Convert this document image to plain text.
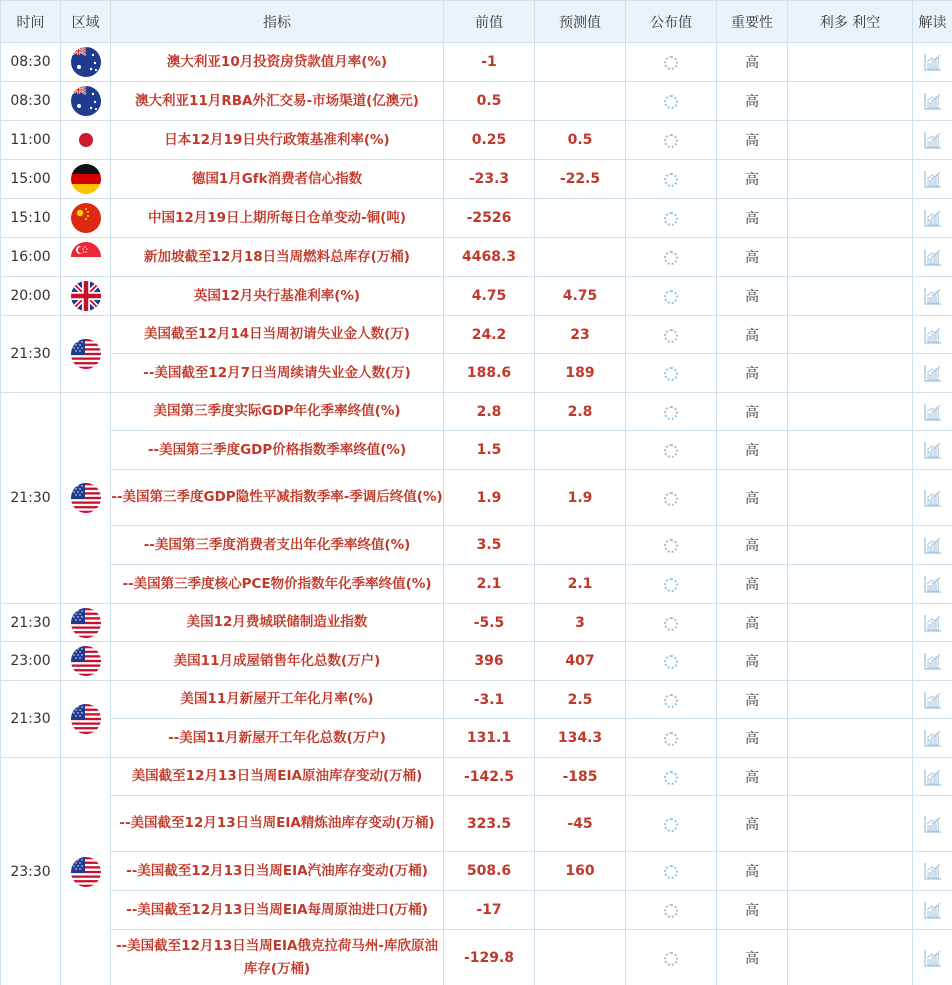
时间	区域	指标	前值	预测值	公布值	重要性	利多 利空	解读
08:30		澳大利亚10月投资房贷款值月率(%)	-1			高		
08:30		澳大利亚11月RBA外汇交易-市场渠道(亿澳元)	0.5			高		
11:00		日本12月19日央行政策基准利率(%)	0.25	0.5		高		
15:00		德国1月Gfk消费者信心指数	-23.3	-22.5		高		
15:10		中国12月19日上期所每日仓单变动-铜(吨)	-2526			高		
16:00		新加坡截至12月18日当周燃料总库存(万桶)	4468.3			高		
20:00		英国12月央行基准利率(%)	4.75	4.75		高		
21:30		美国截至12月14日当周初请失业金人数(万)	24.2	23		高		
		--美国截至12月7日当周续请失业金人数(万)	188.6	189		高		
21:30		美国第三季度实际GDP年化季率终值(%)	2.8	2.8		高		
		--美国第三季度GDP价格指数季率终值(%)	1.5			高		
		--美国第三季度GDP隐性平减指数季率-季调后终值(%)	1.9	1.9		高		
		--美国第三季度消费者支出年化季率终值(%)	3.5			高		
		--美国第三季度核心PCE物价指数年化季率终值(%)	2.1	2.1		高		
21:30		美国12月费城联储制造业指数	-5.5	3		高		
23:00		美国11月成屋销售年化总数(万户)	396	407		高		
21:30		美国11月新屋开工年化月率(%)	-3.1	2.5		高		
		--美国11月新屋开工年化总数(万户)	131.1	134.3		高		
23:30		美国截至12月13日当周EIA原油库存变动(万桶)	-142.5	-185		高		
		--美国截至12月13日当周EIA精炼油库存变动(万桶)	323.5	-45		高		
		--美国截至12月13日当周EIA汽油库存变动(万桶)	508.6	160		高		
		--美国截至12月13日当周EIA每周原油进口(万桶)	-17			高		
		--美国截至12月13日当周EIA俄克拉荷马州-库欣原油库存(万桶)	-129.8			高		
